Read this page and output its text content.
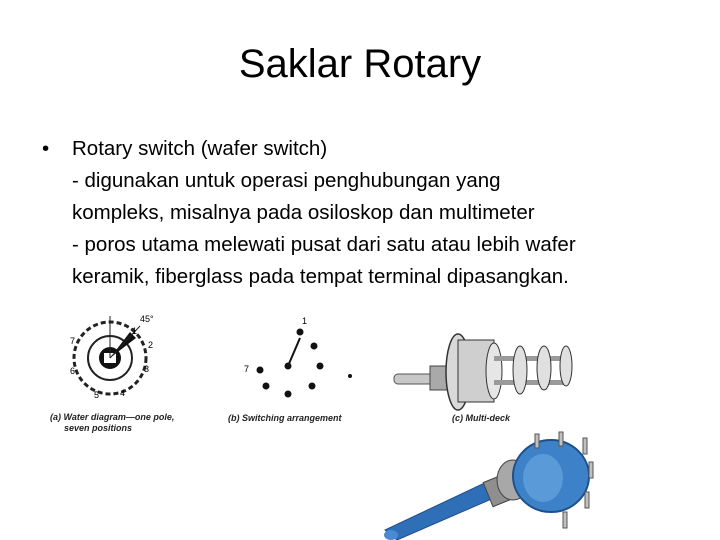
Saklar Rotary
• Rotary switch (wafer switch)
- digunakan untuk operasi penghubungan yang
kompleks, misalnya pada osiloskop dan multimeter
- poros utama melewati pusat dari satu atau lebih wafer
keramik, fiberglass pada tempat terminal dipasangkan.
45°
1
2
3
4
5
6
7
(a) Water diagram—one pole,
seven positions
1
7
(b) Switching arrangement	(c) Multi-deck
